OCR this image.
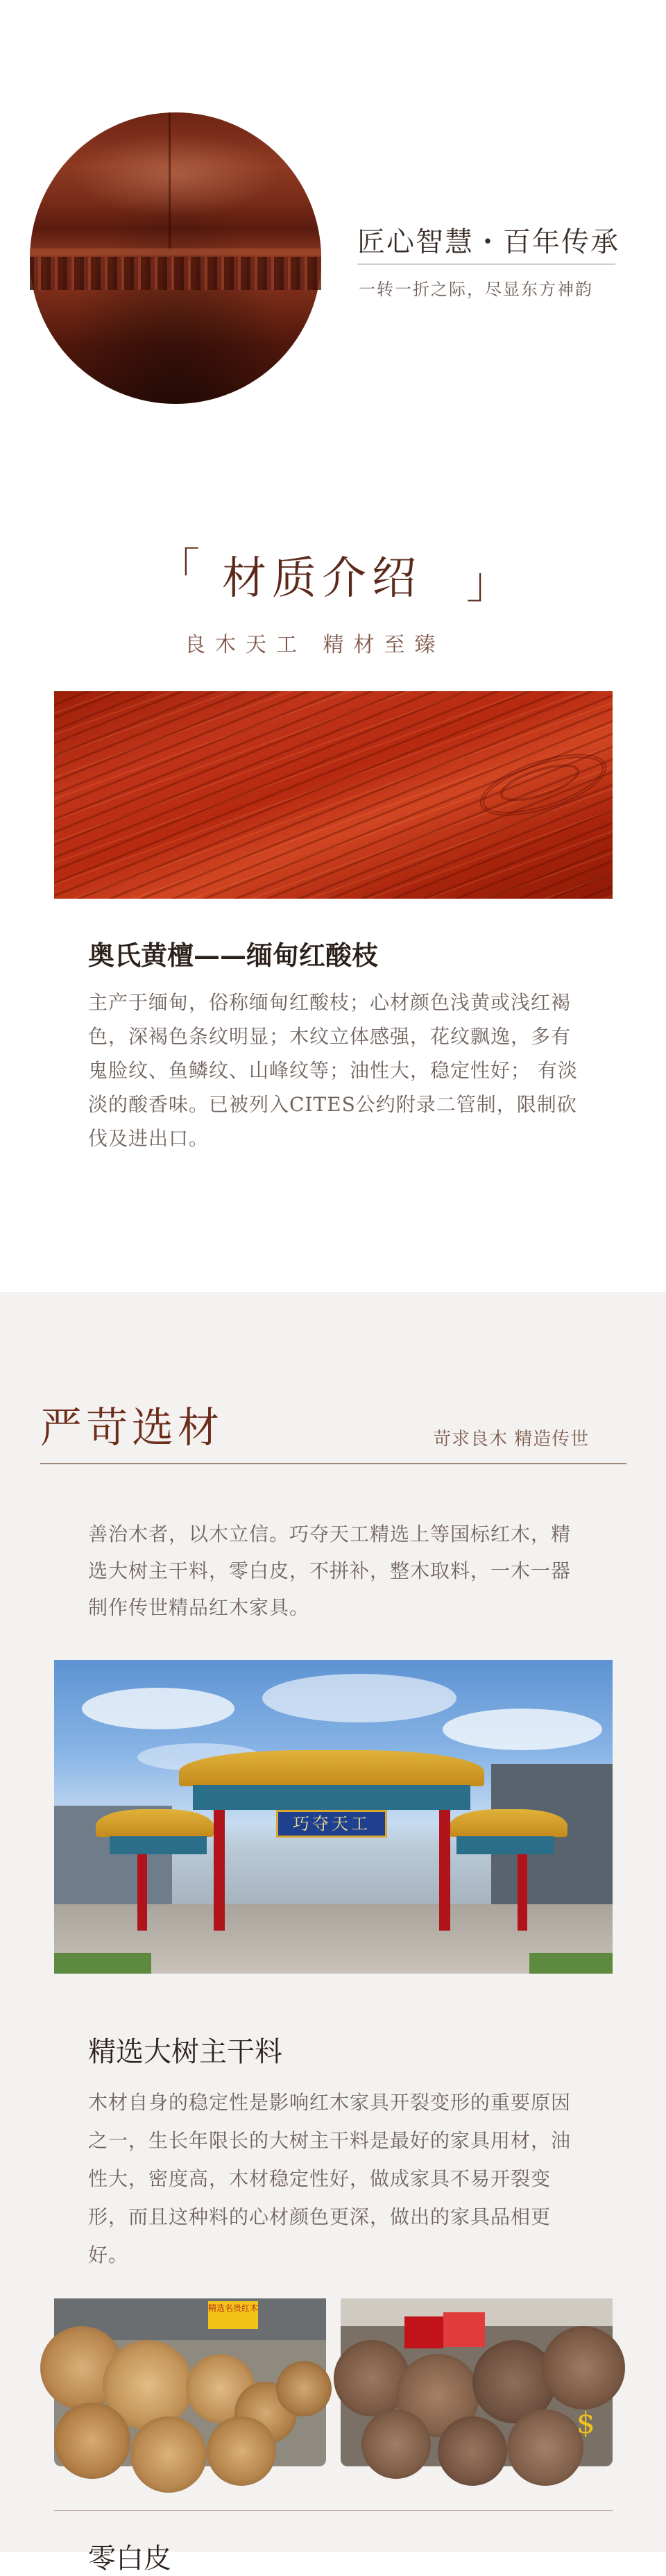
匠心智慧・百年传承
一转一折之际，尽显东方神韵
「 材质介绍 」
良木天工 精材至臻
奥氏黄檀——缅甸红酸枝
主产于缅甸，俗称缅甸红酸枝；心材颜色浅黄或浅红褐色，深褐色条纹明显；木纹立体感强，花纹飘逸，多有鬼脸纹、鱼鳞纹、山峰纹等；油性大，稳定性好； 有淡淡的酸香味。已被列入CITES公约附录二管制，限制砍伐及进出口。
严苛选材	苛求良木 精造传世
善治木者，以木立信。巧夺天工精选上等国标红木，精选大树主干料，零白皮，不拼补，整木取料，一木一器制作传世精品红木家具。
巧夺天工
精选大树主干料
木材自身的稳定性是影响红木家具开裂变形的重要原因之一，生长年限长的大树主干料是最好的家具用材，油性大，密度高，木材稳定性好，做成家具不易开裂变形，而且这种料的心材颜色更深，做出的家具品相更好。
精选名贵红木
$
零白皮
